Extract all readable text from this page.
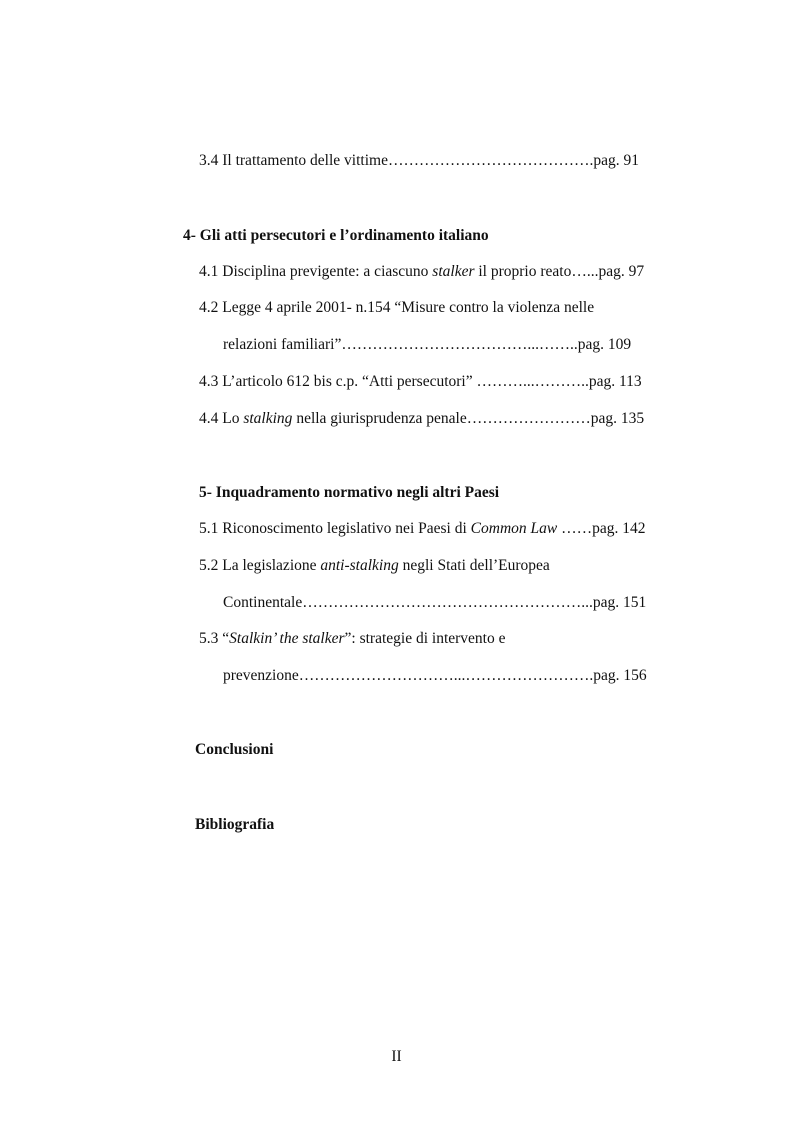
3.4 Il trattamento delle vittime………………………………….pag. 91
4- Gli atti persecutori e l’ordinamento italiano
4.1 Disciplina previgente: a ciascuno stalker il proprio reato…...pag. 97
4.2 Legge 4 aprile 2001- n.154 “Misure contro la violenza nelle
relazioni familiari”………………………………...……..pag. 109
4.3 L’articolo 612 bis c.p. “Atti persecutori” ………...………..pag. 113
4.4 Lo stalking nella giurisprudenza penale……………………pag. 135
5- Inquadramento normativo negli altri Paesi
5.1 Riconoscimento legislativo nei Paesi di Common Law ……pag. 142
5.2 La legislazione anti-stalking negli Stati dell’Europea
Continentale………………………………………………...pag. 151
5.3 “Stalkin’ the stalker”: strategie di intervento e
prevenzione…………………………...…………………….pag. 156
Conclusioni
Bibliografia
II
